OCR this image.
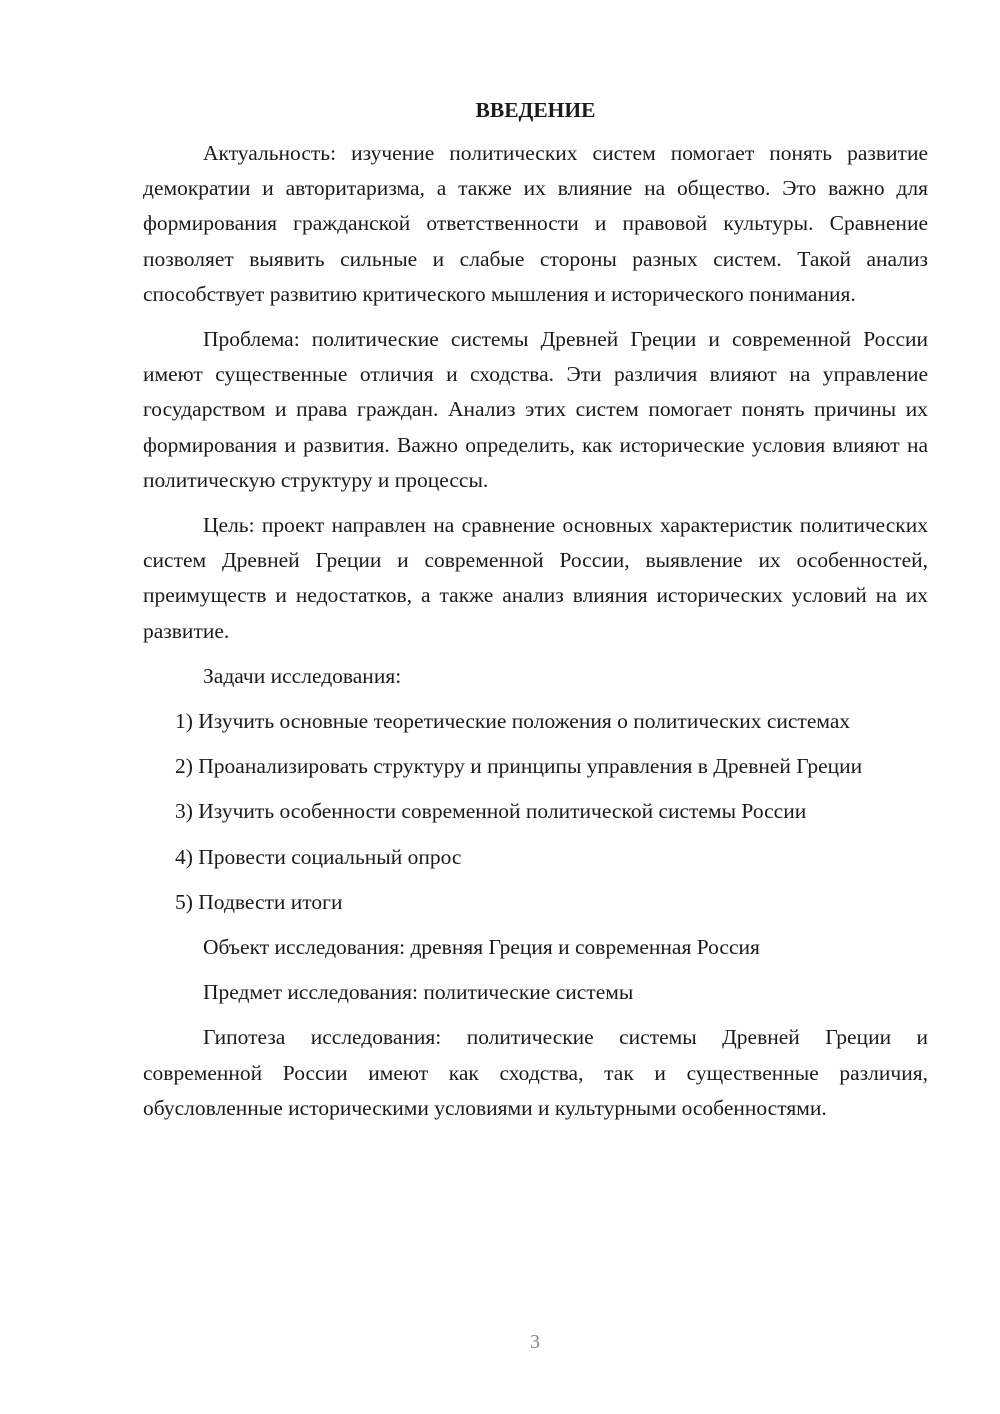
ВВЕДЕНИЕ

Актуальность: изучение политических систем помогает понять развитие демократии и авторитаризма, а также их влияние на общество. Это важно для формирования гражданской ответственности и правовой культуры. Сравнение позволяет выявить сильные и слабые стороны разных систем. Такой анализ способствует развитию критического мышления и исторического понимания.

Проблема: политические системы Древней Греции и современной России имеют существенные отличия и сходства. Эти различия влияют на управление государством и права граждан. Анализ этих систем помогает понять причины их формирования и развития. Важно определить, как исторические условия влияют на политическую структуру и процессы.

Цель: проект направлен на сравнение основных характеристик политических систем Древней Греции и современной России, выявление их особенностей, преимуществ и недостатков, а также анализ влияния исторических условий на их развитие.

Задачи исследования:

1) Изучить основные теоретические положения о политических системах

2) Проанализировать структуру и принципы управления в Древней Греции

3) Изучить особенности современной политической системы России

4) Провести социальный опрос

5) Подвести итоги

Объект исследования: древняя Греция и современная Россия

Предмет исследования: политические системы

Гипотеза исследования: политические системы Древней Греции и современной России имеют как сходства, так и существенные различия, обусловленные историческими условиями и культурными особенностями.

3
